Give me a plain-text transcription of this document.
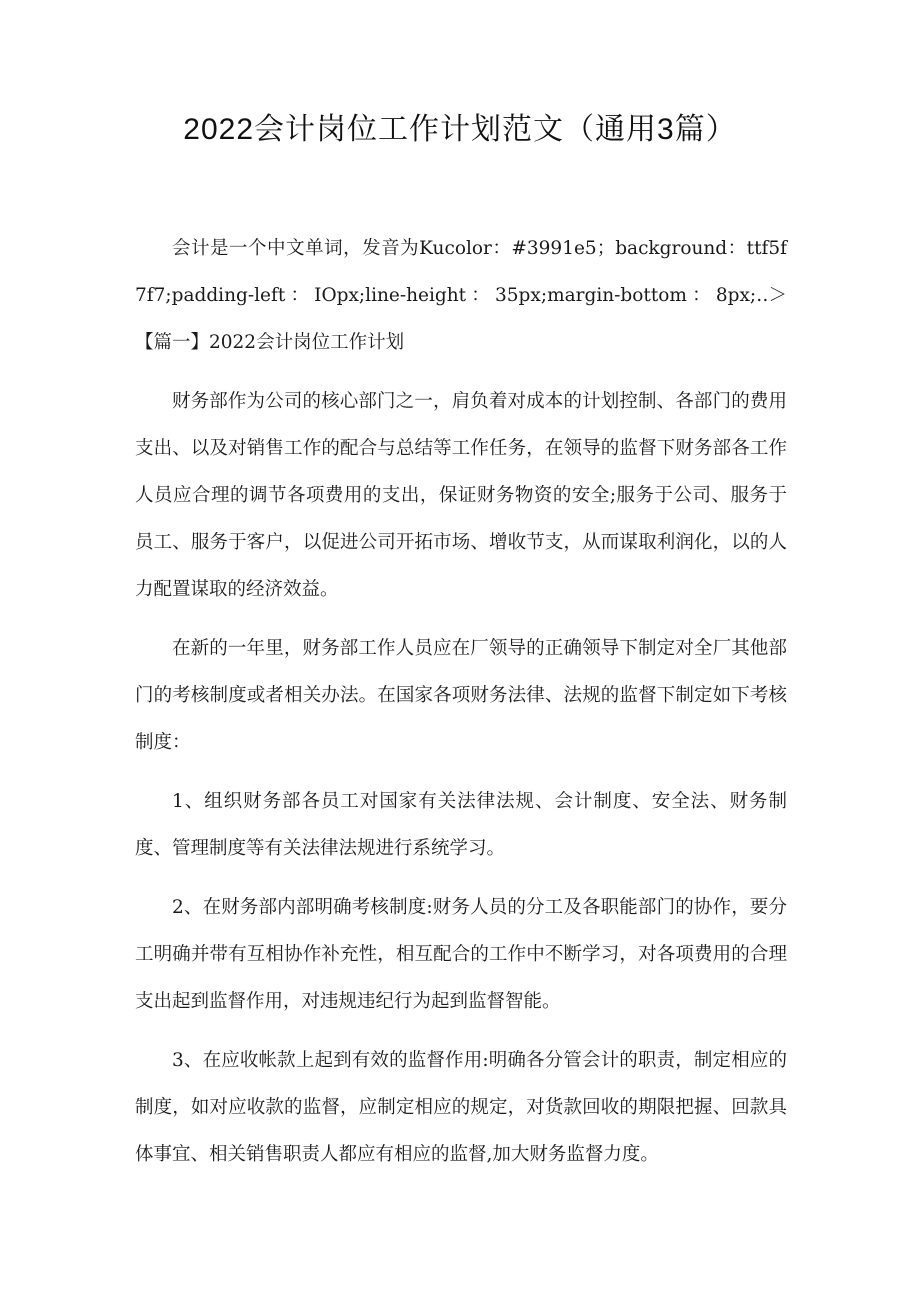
2022会计岗位工作计划范文（通用3篇）

会计是一个中文单词，发音为Kucolor：#3991e5；background：ttf5f7f7;padding-left：IOpx;line-height：35px;margin-bottom：8px;‥＞【篇一】2022会计岗位工作计划

财务部作为公司的核心部门之一，肩负着对成本的计划控制、各部门的费用支出、以及对销售工作的配合与总结等工作任务，在领导的监督下财务部各工作人员应合理的调节各项费用的支出，保证财务物资的安全;服务于公司、服务于员工、服务于客户，以促进公司开拓市场、增收节支，从而谋取利润化，以的人力配置谋取的经济效益。

在新的一年里，财务部工作人员应在厂领导的正确领导下制定对全厂其他部门的考核制度或者相关办法。在国家各项财务法律、法规的监督下制定如下考核制度：

1、组织财务部各员工对国家有关法律法规、会计制度、安全法、财务制度、管理制度等有关法律法规进行系统学习。

2、在财务部内部明确考核制度:财务人员的分工及各职能部门的协作，要分工明确并带有互相协作补充性，相互配合的工作中不断学习，对各项费用的合理支出起到监督作用，对违规违纪行为起到监督智能。

3、在应收帐款上起到有效的监督作用:明确各分管会计的职责，制定相应的制度，如对应收款的监督，应制定相应的规定，对货款回收的期限把握、回款具体事宜、相关销售职责人都应有相应的监督,加大财务监督力度。
